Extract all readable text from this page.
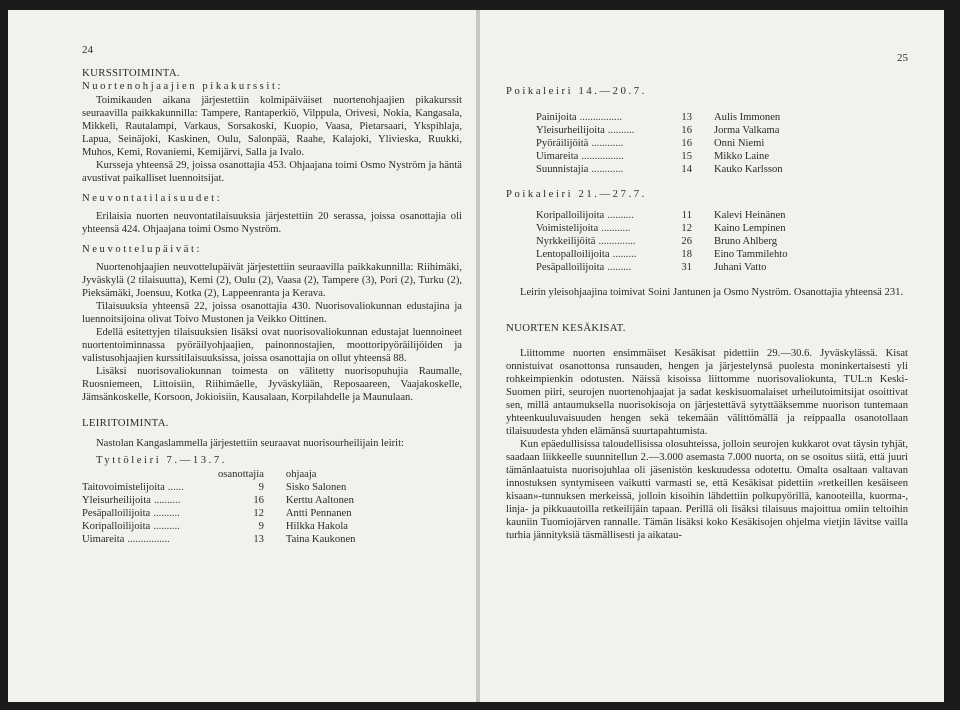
24
KURSSITOIMINTA.
Nuortenohjaajien pikakurssit:

Toimikauden aikana järjestettiin kolmipäiväiset nuortenohjaajien pikakurssit seuraavilla paikkakunnilla: Tampere, Rantaperkiö, Vilppula, Orivesi, Nokia, Kangasala, Mikkeli, Rautalampi, Varkaus, Sorsakoski, Kuopio, Vaasa, Pietarsaari, Ykspihlaja, Lapua, Seinäjoki, Kaskinen, Oulu, Salonpää, Raahe, Kalajoki, Ylivieska, Ruukki, Muhos, Kemi, Rovaniemi, Kemijärvi, Salla ja Ivalo.

Kursseja yhteensä 29, joissa osanottajia 453. Ohjaajana toimi Osmo Nyström ja häntä avustivat paikalliset luennoitsijat.

Neuvontatilaisuudet:

Erilaisia nuorten neuvontatilaisuuksia järjestettiin 20 serassa, joissa osanottajia oli yhteensä 424. Ohjaajana toimi Osmo Nyström.

Neuvottelupäivät:

Nuortenohjaajien neuvottelupäivät järjestettiin seuraavilla paikkakunnilla: Riihimäki, Jyväskylä (2 tilaisuutta), Kemi (2), Oulu (2), Vaasa (2), Tampere (3), Pori (2), Turku (2), Pieksämäki, Joensuu, Kotka (2), Lappeenranta ja Kerava.

Tilaisuuksia yhteensä 22, joissa osanottajia 430. Nuorisovaliokunnan edustajina ja luennoitsijoina olivat Toivo Mustonen ja Veikko Oittinen.

Edellä esitettyjen tilaisuuksien lisäksi ovat nuorisovaliokunnan edustajat luennoineet nuortentoiminnassa pyöräilyohjaajien, painonnostajien, moottoripyöräilijöiden ja valistusohjaajien kurssitilaisuuksissa, joissa osanottajia on ollut yhteensä 88.

Lisäksi nuorisovaliokunnan toimesta on välitetty nuorisopuhujia Raumalle, Ruosniemeen, Littoisiin, Riihimäelle, Jyväskylään, Reposaareen, Vaajakoskelle, Jämsänkoskelle, Korsoon, Jokioisiin, Kausalaan, Korpilahdelle ja Maunulaan.

LEIRITOIMINTA.

Nastolan Kangaslammella järjestettiin seuraavat nuorisourheilijain leirit:

Tyttöleiri 7.—13.7.
	osanottajia	ohjaaja
Taitovoimistelijoita ......	9	Sisko Salonen
Yleisurheilijoita ..........	16	Kerttu Aaltonen
Pesäpalloilijoita ..........	12	Antti Pennanen
Koripalloilijoita ..........	9	Hilkka Hakola
Uimareita ................	13	Taina Kaukonen
25
Poikaleiri 14.—20.7.
Painijoita ................	13	Aulis Immonen
Yleisurheilijoita ..........	16	Jorma Valkama
Pyöräilijöitä ............	16	Onni Niemi
Uimareita ................	15	Mikko Laine
Suunnistajia ............	14	Kauko Karlsson
Poikaleiri 21.—27.7.
Koripalloilijoita ..........	11	Kalevi Heinänen
Voimistelijoita ...........	12	Kaino Lempinen
Nyrkkeilijöitä ..............	26	Bruno Ahlberg
Lentopalloilijoita .........	18	Eino Tammilehto
Pesäpalloilijoita .........	31	Juhani Vatto

Leirin yleisohjaajina toimivat Soini Jantunen ja Osmo Nyström. Osanottajia yhteensä 231.

NUORTEN KESÄKISAT.

Liittomme nuorten ensimmäiset Kesäkisat pidettiin 29.—30.6. Jyväskylässä. Kisat onnistuivat osanottonsa runsauden, hengen ja järjestelynsä puolesta moninkertaisesti yli rohkeimpienkin odotusten. Näissä kisoissa liittomme nuorisovaliokunta, TUL:n Keski-Suomen piiri, seurojen nuortenohjaajat ja sadat keskisuomalaiset urheilutoimitsijat osoittivat sen, millä antaumuksella nuorisokisoja on järjestettävä sytyttääksemme nuorison tuntemaan yhteenkuuluvaisuuden hengen sekä tekemään välittömällä ja reippaalla osanotollaan tilaisuudesta yhden elämänsä suurtapahtumista.

Kun epäedullisissa taloudellisissa olosuhteissa, jolloin seurojen kukkarot ovat täysin tyhjät, saadaan liikkeelle suunnitellun 2.—3.000 asemasta 7.000 nuorta, on se osoitus siitä, että juuri tämänlaatuista nuorisojuhlaa oli jäsenistön keskuudessa odotettu. Omalta osaltaan valtavan innostuksen syntymiseen vaikutti varmasti se, että Kesäkisat pidettiin »retkeillen kesäiseen kisaan»-tunnuksen merkeissä, jolloin kisoihin lähdettiin polkupyörillä, kanooteilla, kuorma-, linja- ja pikkuautoilla retkeilijäin tapaan. Perillä oli lisäksi tilaisuus majoittua omiin teltoihin kauniin Tuomiojärven rannalle. Tämän lisäksi koko Kesäkisojen ohjelma vietjin lävitse vailla turhia jännityksiä täsmällisesti ja aikatau-
